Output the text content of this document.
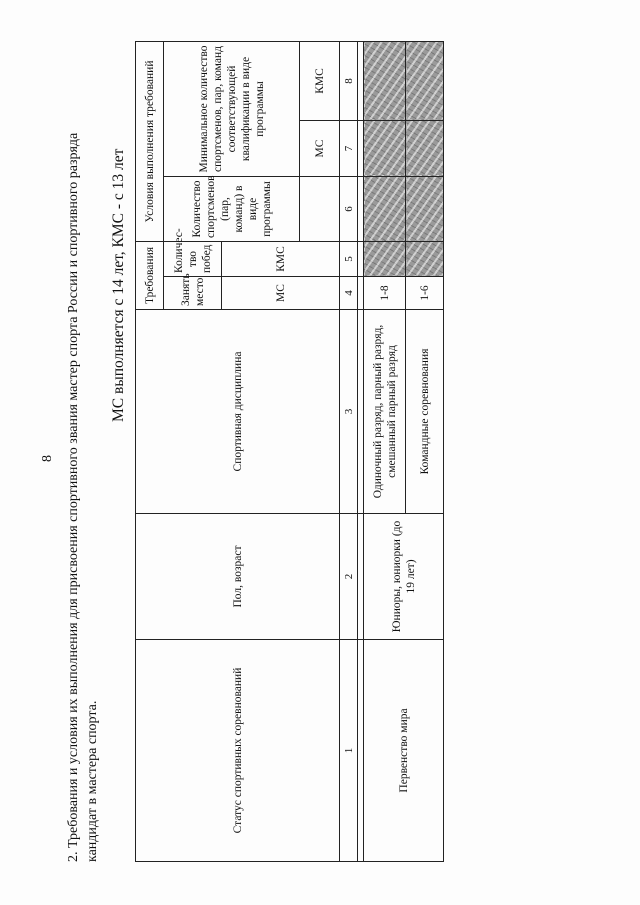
8 2. Требования и условия их выполнения для присвоения спортивного звания мастер спорта России и спортивного разряда кандидат в мастера спорта.
МС выполняется с 14 лет, КМС - с 13 лет
Статус спортивных соревнований	Пол, возраст	Спортивная дисциплина	Требования		Условия выполнения требований		
			Занять место	Количес-тво побед	Количество спортсменов (пар, команд) в виде программы	Минимальное количество спортсменов, пар, команд соответствующей квалификации в виде программы	
			МС	КМС			
						МС	КМС
1	2	3	4	5	6	7	8

Первенство мира	Юниоры, юниорки (до 19 лет)	Одиночный разряд, парный разряд, смешанный парный разряд	1-8				
		Командные соревнования	1-6				
